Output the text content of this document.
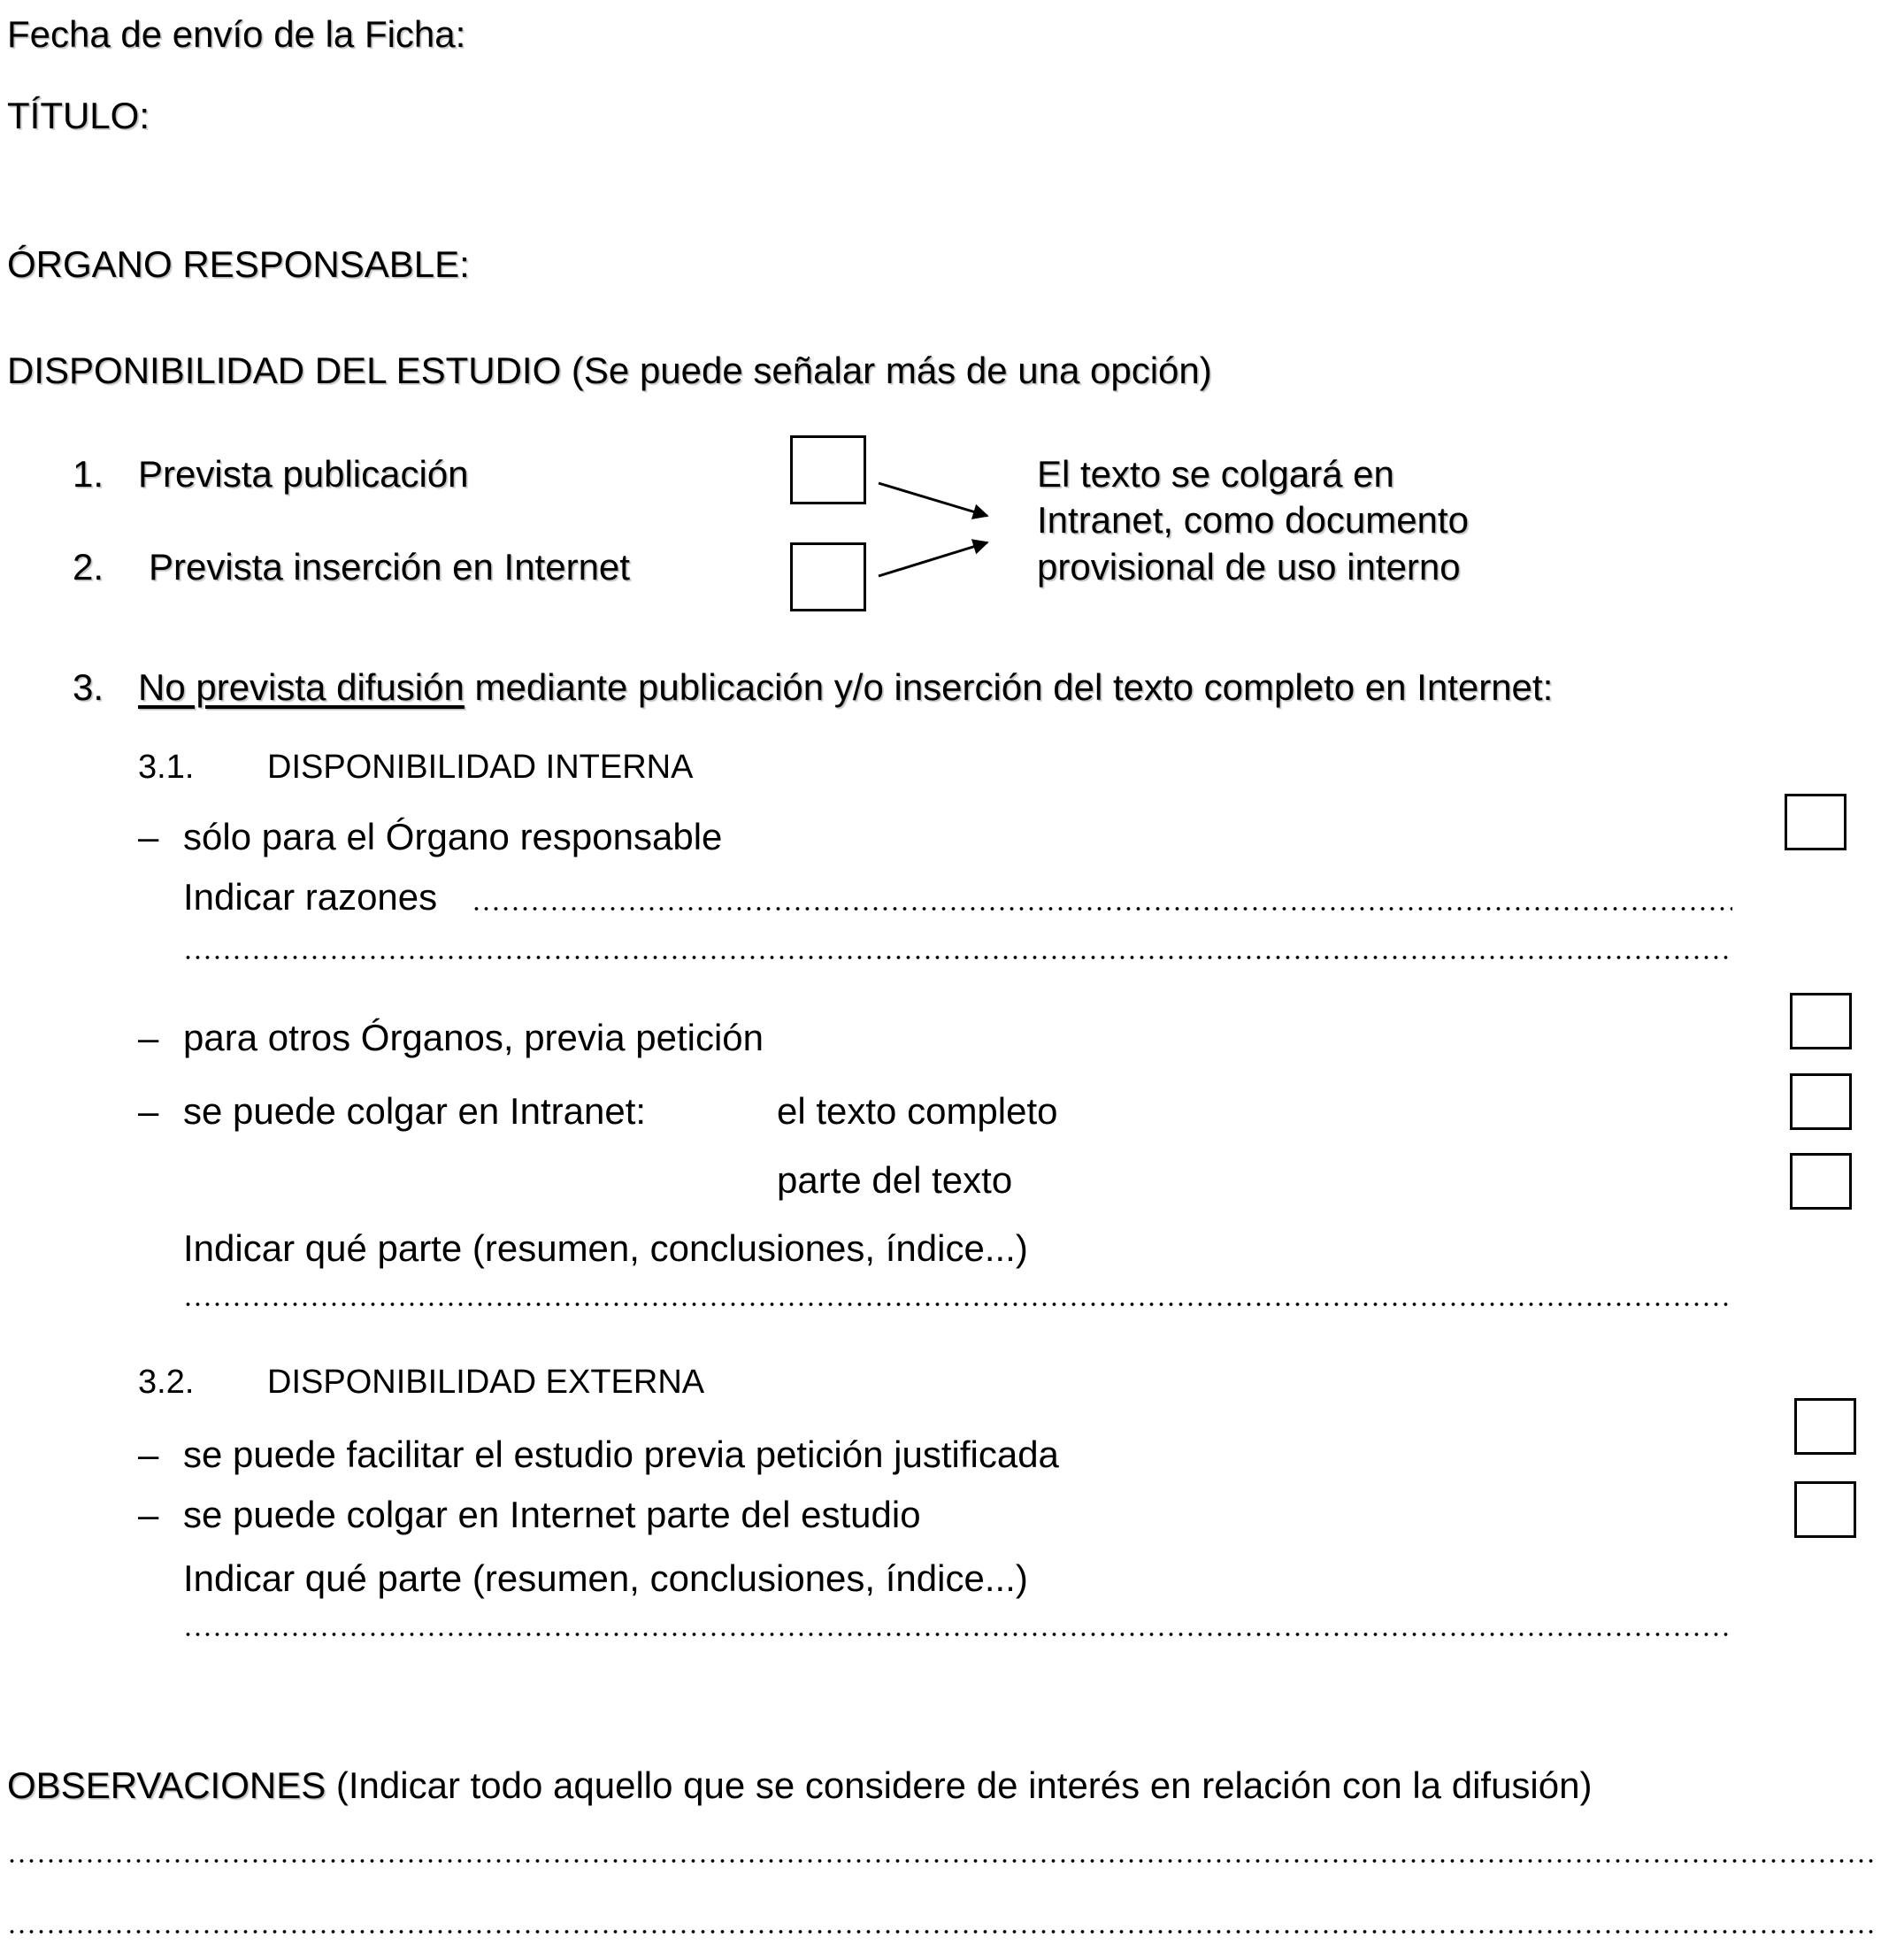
Fecha de envío de la Ficha:
TÍTULO:
ÓRGANO RESPONSABLE:
DISPONIBILIDAD DEL ESTUDIO (Se puede señalar más de una opción)
1. Prevista publicación
2. Prevista inserción en Internet
El texto se colgará en
Intranet, como documento
provisional de uso interno
3. No prevista difusión mediante publicación y/o inserción del texto completo en Internet:
3.1. DISPONIBILIDAD INTERNA
– sólo para el Órgano responsable
Indicar razones
– para otros Órganos, previa petición
– se puede colgar en Intranet:	el texto completo
parte del texto
Indicar qué parte (resumen, conclusiones, índice...)
3.2. DISPONIBILIDAD EXTERNA
– se puede facilitar el estudio previa petición justificada
– se puede colgar en Internet parte del estudio
Indicar qué parte (resumen, conclusiones, índice...)
OBSERVACIONES (Indicar todo aquello que se considere de interés en relación con la difusión)
